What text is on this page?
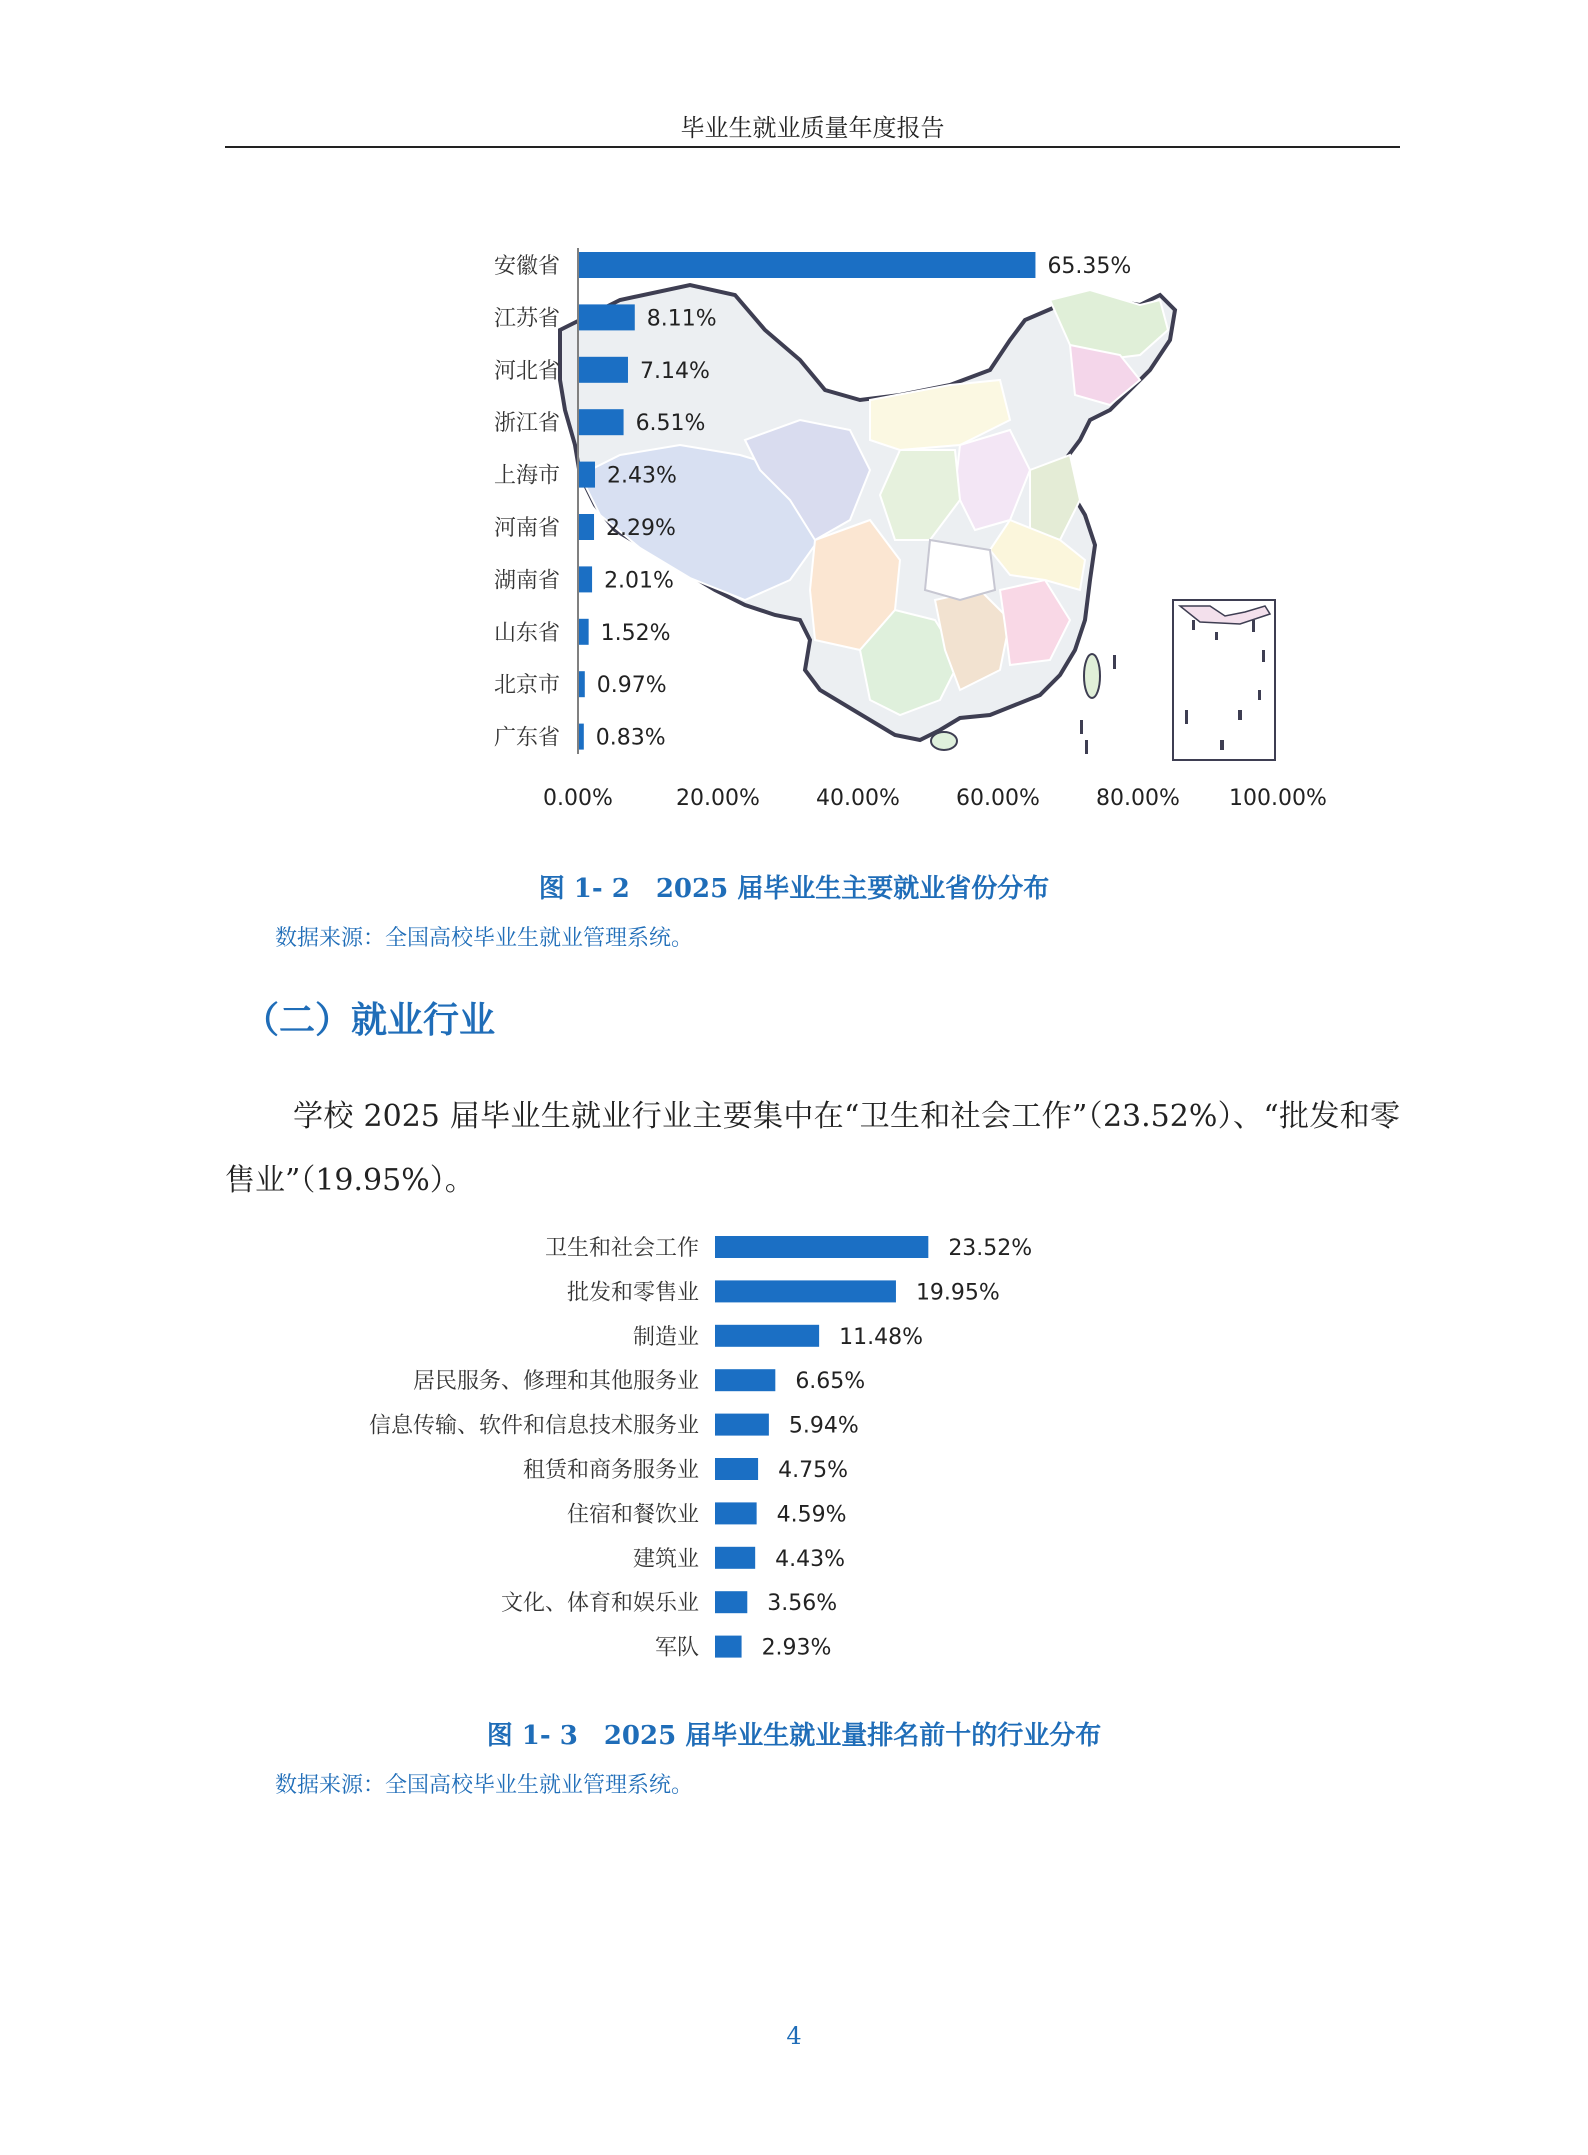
毕业生就业质量年度报告
安徽省
江苏省
河北省
浙江省
上海市
河南省
湖南省
山东省
北京市
广东省
65.35%
8.11%
7.14%
6.51%
2.43%
2.29%
2.01%
1.52%
0.97%
0.83%
0.00%	20.00%	40.00%	60.00%	80.00% 100.00%
图 1- 2　2025 届毕业生主要就业省份分布
数据来源：全国高校毕业生就业管理系统。
（二）就业行业
学校 2025 届毕业生就业行业主要集中在“卫生和社会工作”（23.52%）、“批发和零售业”（19.95%）。
卫生和社会工作
批发和零售业
制造业
居民服务、修理和其他服务业
信息传输、软件和信息技术服务业
租赁和商务服务业
住宿和餐饮业
建筑业
文化、体育和娱乐业
军队
23.52%
19.95%
11.48%
6.65%
5.94%
4.75%
4.59%
4.43%
3.56%
2.93%
图 1- 3　2025 届毕业生就业量排名前十的行业分布
数据来源：全国高校毕业生就业管理系统。
4
